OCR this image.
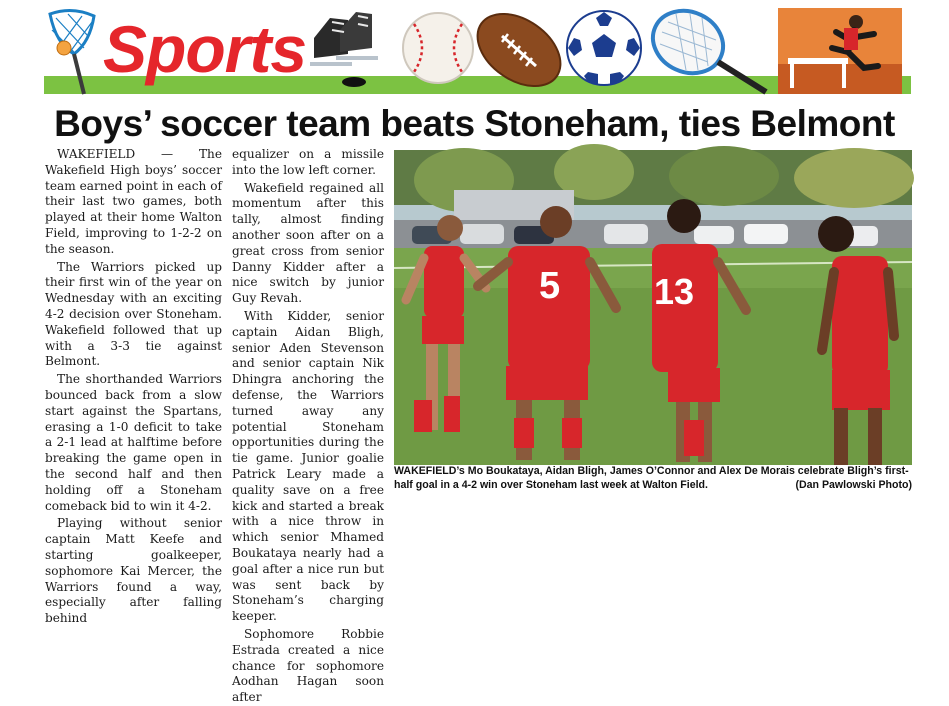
Sports
Boys’ soccer team beats Stoneham, ties Belmont

WAKEFIELD — The Wakefield High boys’ soccer team earned point in each of their last two games, both played at their home Walton Field, improving to 1-2-2 on the season.

The Warriors picked up their first win of the year on Wednesday with an exciting 4-2 decision over Stoneham. Wakefield followed that up with a 3-3 tie against Belmont.

The shorthanded Warriors bounced back from a slow start against the Spartans, erasing a 1-0 deficit to take a 2-1 lead at halftime before breaking the game open in the second half and then holding off a Stoneham comeback bid to win it 4-2.

Playing without senior captain Matt Keefe and starting goalkeeper, sophomore Kai Mercer, the Warriors found a way, especially after falling behind

equalizer on a missile into the low left corner.

Wakefield regained all momentum after this tally, almost finding another soon after on a great cross from senior Danny Kidder after a nice switch by junior Guy Revah.

With Kidder, senior captain Aidan Bligh, senior Aden Stevenson and senior captain Nik Dhingra anchoring the defense, the Warriors turned away any potential Stoneham opportunities during the tie game. Junior goalie Patrick Leary made a quality save on a free kick and started a break with a nice throw in which senior Mhamed Boukataya nearly had a goal after a nice run but was sent back by Stoneham’s charging keeper.

Sophomore Robbie Estrada created a nice chance for sophomore Aodhan Hagan soon after

5	13
WAKEFIELD’s Mo Boukataya, Aidan Bligh, James O’Connor and Alex De Morais celebrate Bligh’s first-half goal in a 4-2 win over Stoneham last week at Walton Field.	(Dan Pawlowski Photo)
